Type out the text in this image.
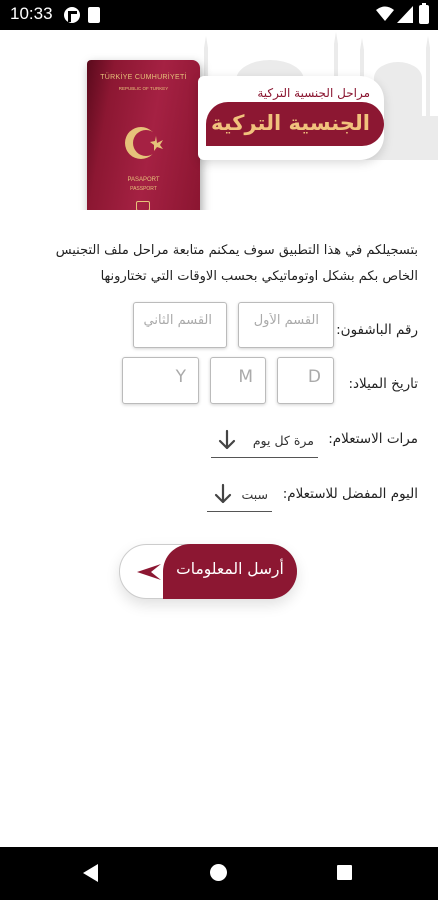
10:33
TÜRKİYE CUMHURİYETİ
REPUBLIC OF TURKEY
PASAPORT
PASSPORT
مراحل الجنسية التركية
الجنسية التركية
بتسجيلكم في هذا التطبيق سوف يمكنم متابعة مراحل ملف التجنيس الخاص بكم بشكل اوتوماتيكي بحسب الاوقات التي تختارونها
رقم الباشفون:
القسم الأول
القسم الثاني
تاريخ الميلاد:
D
M
Y
مرات الاستعلام:
مرة كل يوم
اليوم المفضل للاستعلام:
سبت
أرسل المعلومات
